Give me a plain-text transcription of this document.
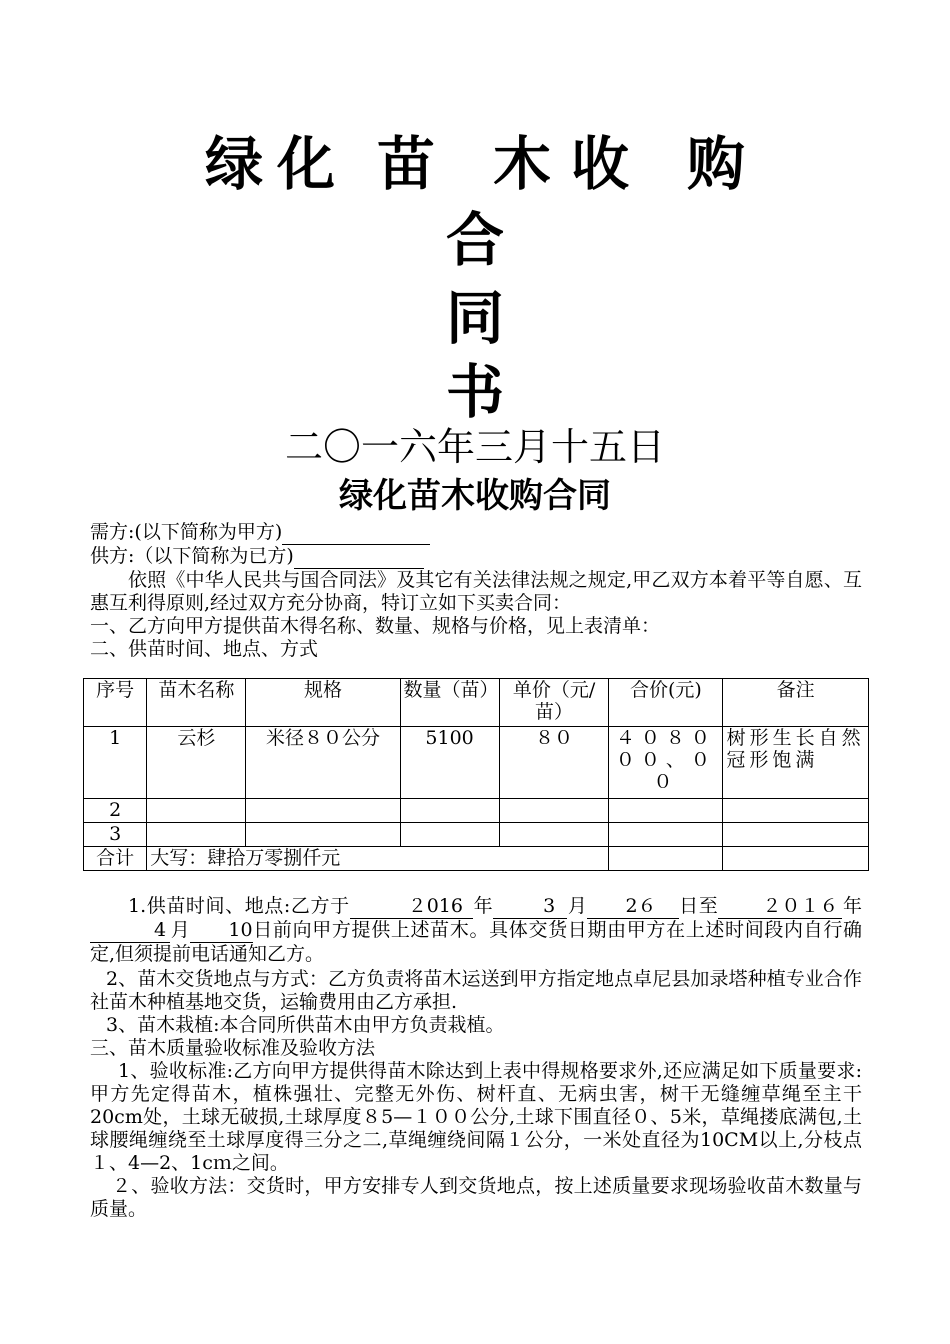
绿 化 苗 木 收 购
合
同
书
二〇一六年三月十五日
绿化苗木收购合同

需方:(以下简称为甲方)

供方:（以下简称为已方)

依照《中华人民共与国合同法》及其它有关法律法规之规定,甲乙双方本着平等自愿、互惠互利得原则,经过双方充分协商，特订立如下买卖合同：

一、乙方向甲方提供苗木得名称、数量、规格与价格，见上表清单：

二、供苗时间、地点、方式

序号	苗木名称	规格	数量（苗）	单价（元/苗）	合价(元)	备注
1	云杉	米径８０公分	5100	８０	４０８０００、００	树形生长自然冠形饱满
2						
3						
合计	大写：肆拾万零捌仟元					

1.供苗时间、地点:乙方于	２016 年	3 月 2６ 日至 ２０１６ 年4 月 10日前向甲方提供上述苗木。具体交货日期由甲方在上述时间段内自行确定,但须提前电话通知乙方。

2、苗木交货地点与方式：乙方负责将苗木运送到甲方指定地点卓尼县加录塔种植专业合作社苗木种植基地交货，运输费用由乙方承担.

3、苗木栽植:本合同所供苗木由甲方负责栽植。

三、苗木质量验收标准及验收方法

1、验收标准:乙方向甲方提供得苗木除达到上表中得规格要求外,还应满足如下质量要求:甲方先定得苗木，植株强壮、完整无外伤、树杆直、无病虫害，树干无缝缠草绳至主干20cm处，土球无破损,土球厚度８5—１００公分,土球下围直径０、5米，草绳搂底满包,土球腰绳缠绕至土球厚度得三分之二,草绳缠绕间隔１公分，一米处直径为10CM以上,分枝点１、4—2、1cｍ之间。

２、验收方法：交货时，甲方安排专人到交货地点，按上述质量要求现场验收苗木数量与质量。
